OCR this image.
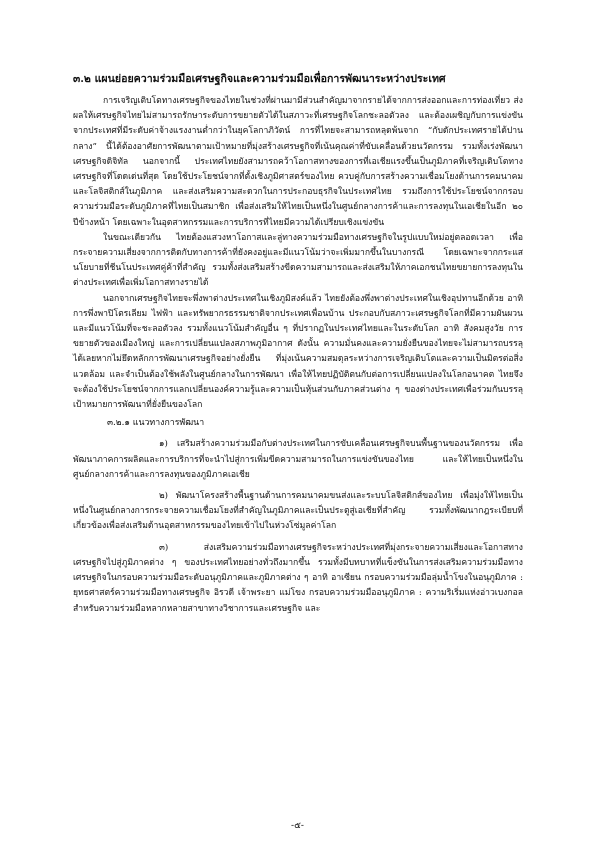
๓.๒ แผนย่อยความร่วมมือเศรษฐกิจและความร่วมมือเพื่อการพัฒนาระหว่างประเทศ

การเจริญเติบโตทางเศรษฐกิจของไทยในช่วงที่ผ่านมามีส่วนสำคัญมาจากรายได้จากการส่งออกและการท่องเที่ยว ส่งผลให้เศรษฐกิจไทยไม่สามารถรักษาระดับการขยายตัวได้ในสภาวะที่เศรษฐกิจโลกชะลอตัวลง และต้องเผชิญกับการแข่งขันจากประเทศที่มีระดับค่าจ้างแรงงานต่ำกว่าในยุคโลกาภิวัตน์ การที่ไทยจะสามารถหลุดพ้นจาก “กับดักประเทศรายได้ปานกลาง” นี้ได้ต้องอาศัยการพัฒนาตามเป้าหมายที่มุ่งสร้างเศรษฐกิจที่เน้นคุณค่าที่ขับเคลื่อนด้วยนวัตกรรม รวมทั้งเร่งพัฒนาเศรษฐกิจดิจิทัล นอกจากนี้ ประเทศไทยยังสามารถคว้าโอกาสทางของการที่เอเชียแรงขึ้นเป็นภูมิภาคที่เจริญเติบโตทางเศรษฐกิจที่โดดเด่นที่สุด โดยใช้ประโยชน์จากที่ตั้งเชิงภูมิศาสตร์ของไทย ควบคู่กับการสร้างความเชื่อมโยงด้านการคมนาคมและโลจิสติกส์ในภูมิภาค และส่งเสริมความสะดวกในการประกอบธุรกิจในประเทศไทย รวมถึงการใช้ประโยชน์จากกรอบความร่วมมือระดับภูมิภาคที่ไทยเป็นสมาชิก เพื่อส่งเสริมให้ไทยเป็นหนึ่งในศูนย์กลางการค้าและการลงทุนในเอเชียในอีก ๒๐ ปีข้างหน้า โดยเฉพาะในอุตสาหกรรมและการบริการที่ไทยมีความได้เปรียบเชิงแข่งขัน

ในขณะเดียวกัน ไทยต้องแสวงหาโอกาสและลู่ทางความร่วมมือทางเศรษฐกิจในรูปแบบใหม่อยู่ตลอดเวลา เพื่อกระจายความเสี่ยงจากการติดกับทางการค้าที่ยังคงอยู่และมีแนวโน้มว่าจะเพิ่มมากขึ้นในบางกรณี โดยเฉพาะจากกระแสนโยบายที่ชีนโนประเทศคู่ค้าที่สำคัญ รวมทั้งส่งเสริมสร้างขีดความสามารถและส่งเสริมให้ภาคเอกชนไทยขยายการลงทุนในต่างประเทศเพื่อเพิ่มโอกาสทางรายได้

นอกจากเศรษฐกิจไทยจะพึ่งพาต่างประเทศในเชิงภูมิสงค์แล้ว ไทยยังต้องพึ่งพาต่างประเทศในเชิงอุปทานอีกด้วย อาทิ การพึ่งพาปิโตรเลียม ไฟฟ้า และทรัพยากรธรรมชาติจากประเทศเพื่อนบ้าน ประกอบกับสภาวะเศรษฐกิจโลกที่มีความผันผวนและมีแนวโน้มที่จะชะลอตัวลง รวมทั้งแนวโน้มสำคัญอื่น ๆ ที่ปรากฏในประเทศไทยและในระดับโลก อาทิ สังคมสูงวัย การขยายตัวของเมืองใหญ่ และการเปลี่ยนแปลงสภาพภูมิอากาศ ดังนั้น ความมั่นคงและความยั่งยืนของไทยจะไม่สามารถบรรลุได้เลยหากไม่ยึดหลักการพัฒนาเศรษฐกิจอย่างยั่งยืน ที่มุ่งเน้นความสมดุลระหว่างการเจริญเติบโตและความเป็นมิตรต่อสิ่งแวดล้อม และจำเป็นต้องใช้พลังในศูนย์กลางในการพัฒนา เพื่อให้ไทยปฏิบัติตนกับต่อการเปลี่ยนแปลงในโลกอนาคต ไทยจึงจะต้องใช้ประโยชน์จากการแลกเปลี่ยนองค์ความรู้และความเป็นหุ้นส่วนกับภาคส่วนต่าง ๆ ของต่างประเทศเพื่อร่วมกันบรรลุเป้าหมายการพัฒนาที่ยั่งยืนของโลก

๓.๒.๑ แนวทางการพัฒนา

๑) เสริมสร้างความร่วมมือกับต่างประเทศในการขับเคลื่อนเศรษฐกิจบนพื้นฐานของนวัตกรรม เพื่อพัฒนาภาคการผลิตและการบริการที่จะนำไปสู่การเพิ่มขีดความสามารถในการแข่งขันของไทย และให้ไทยเป็นหนึ่งในศูนย์กลางการค้าและการลงทุนของภูมิภาคเอเชีย

๒) พัฒนาโครงสร้างพื้นฐานด้านการคมนาคมขนส่งและระบบโลจิสติกส์ของไทย เพื่อมุ่งให้ไทยเป็นหนึ่งในศูนย์กลางการกระจายความเชื่อมโยงที่สำคัญในภูมิภาคและเป็นประตูสู่เอเชียที่สำคัญ รวมทั้งพัฒนากฎระเบียบที่เกี่ยวข้องเพื่อส่งเสริมด้านอุตสาหกรรมของไทยเข้าไปในห่วงโซ่มูลค่าโลก

๓) ส่งเสริมความร่วมมือทางเศรษฐกิจระหว่างประเทศที่มุ่งกระจายความเสี่ยงและโอกาสทางเศรษฐกิจไปสู่ภูมิภาคต่าง ๆ ของประเทศไทยอย่างทั่วถึงมากขึ้น รวมทั้งมีบทบาทที่แข็งขันในการส่งเสริมความร่วมมือทางเศรษฐกิจในกรอบความร่วมมือระดับอนุภูมิภาคและภูมิภาคต่าง ๆ อาทิ อาเซียน กรอบความร่วมมือลุ่มน้ำโขงในอนุภูมิภาค : ยุทธศาสตร์ความร่วมมือทางเศรษฐกิจ อิรวดี เจ้าพระยา แม่โขง กรอบความร่วมมืออนุภูมิภาค : ความริเริ่มแห่งอ่าวเบงกอลสำหรับความร่วมมือหลากหลายสาขาทางวิชาการและเศรษฐกิจ และ

-๕-
